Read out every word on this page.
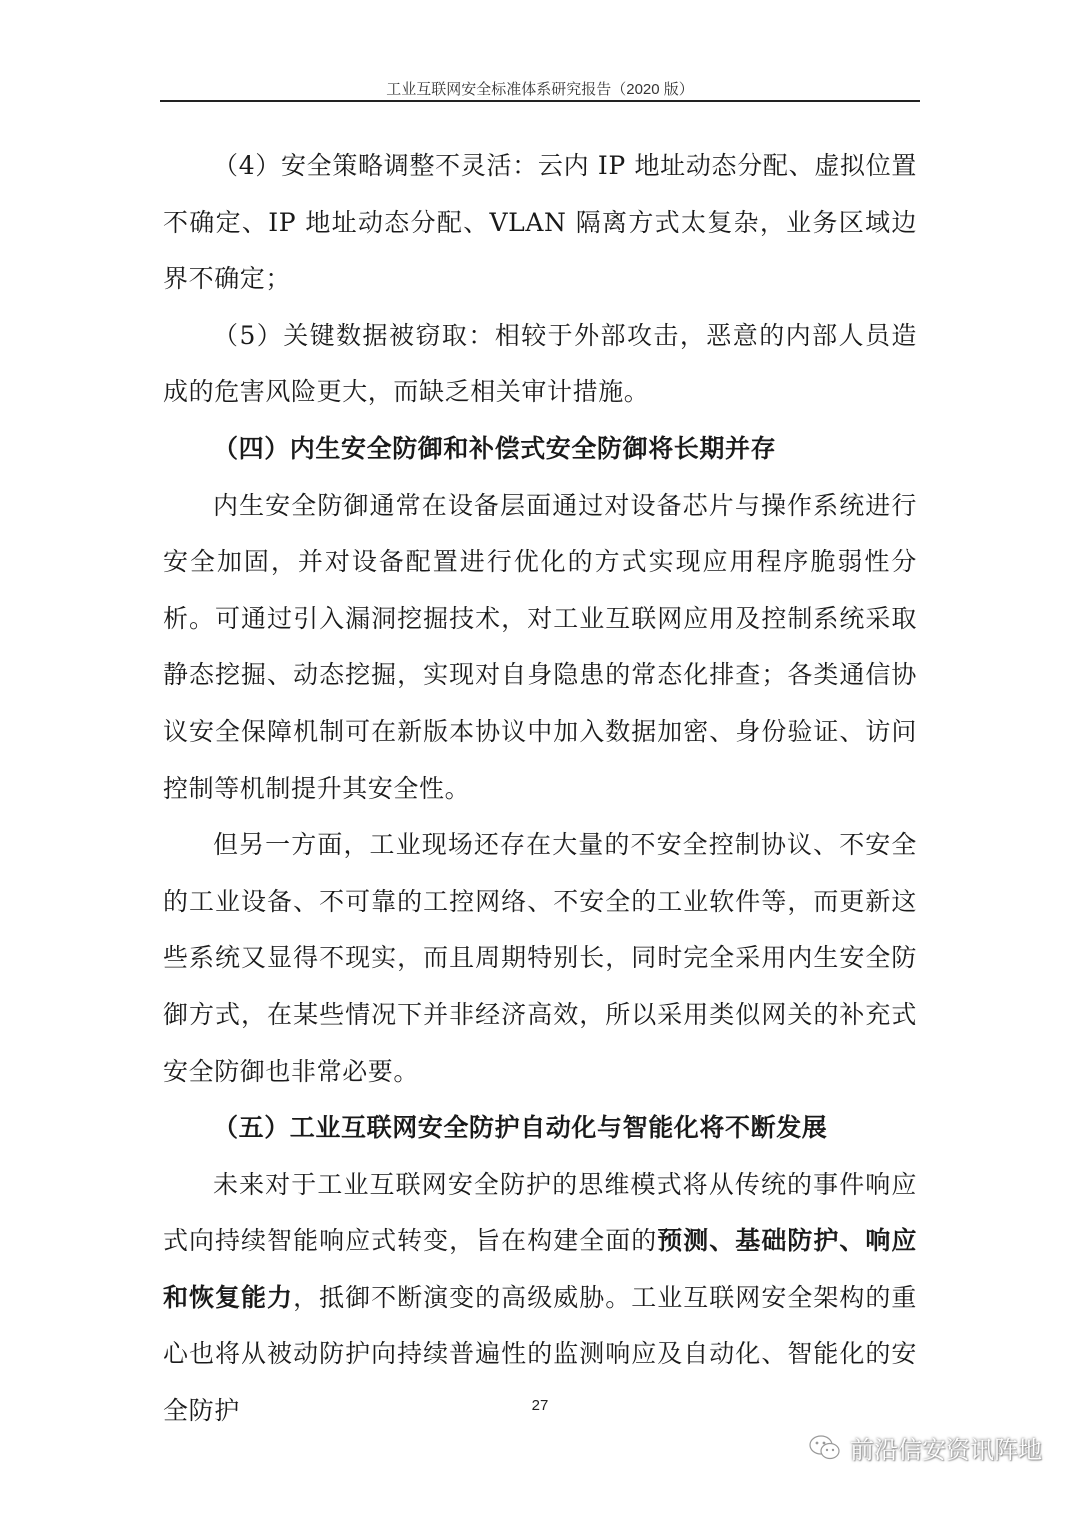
工业互联网安全标准体系研究报告（2020 版）

（4）安全策略调整不灵活：云内 IP 地址动态分配、虚拟位置不确定、IP 地址动态分配、VLAN 隔离方式太复杂，业务区域边界不确定；

（5）关键数据被窃取：相较于外部攻击，恶意的内部人员造成的危害风险更大，而缺乏相关审计措施。

（四）内生安全防御和补偿式安全防御将长期并存

内生安全防御通常在设备层面通过对设备芯片与操作系统进行安全加固，并对设备配置进行优化的方式实现应用程序脆弱性分析。可通过引入漏洞挖掘技术，对工业互联网应用及控制系统采取静态挖掘、动态挖掘，实现对自身隐患的常态化排查；各类通信协议安全保障机制可在新版本协议中加入数据加密、身份验证、访问控制等机制提升其安全性。

但另一方面，工业现场还存在大量的不安全控制协议、不安全的工业设备、不可靠的工控网络、不安全的工业软件等，而更新这些系统又显得不现实，而且周期特别长，同时完全采用内生安全防御方式，在某些情况下并非经济高效，所以采用类似网关的补充式安全防御也非常必要。

（五）工业互联网安全防护自动化与智能化将不断发展

未来对于工业互联网安全防护的思维模式将从传统的事件响应式向持续智能响应式转变，旨在构建全面的预测、基础防护、响应和恢复能力，抵御不断演变的高级威胁。工业互联网安全架构的重心也将从被动防护向持续普遍性的监测响应及自动化、智能化的安全防护	27
前沿信安资讯阵地
